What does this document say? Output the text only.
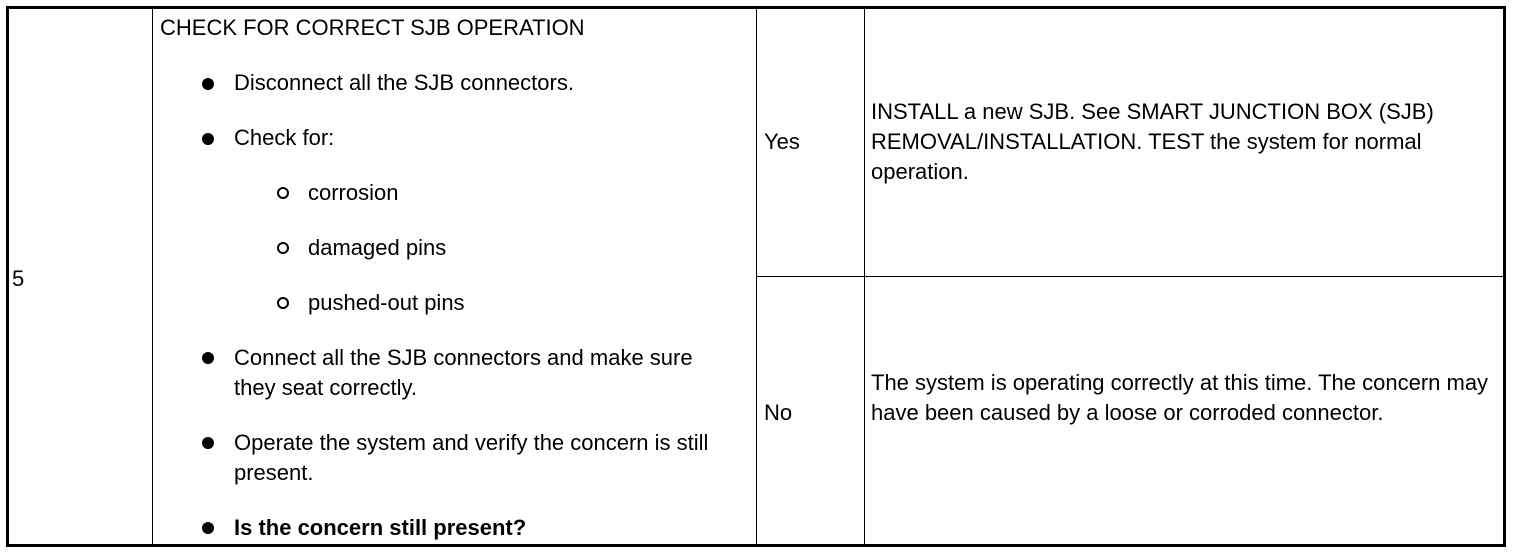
5
CHECK FOR CORRECT SJB OPERATION
Disconnect all the SJB connectors.
Check for:
corrosion
damaged pins
pushed-out pins
Connect all the SJB connectors and make sure they seat correctly.
Operate the system and verify the concern is still present.
Is the concern still present?
Yes
INSTALL a new SJB. See SMART JUNCTION BOX (SJB) REMOVAL/INSTALLATION. TEST the system for normal operation.
No
The system is operating correctly at this time. The concern may have been caused by a loose or corroded connector.
